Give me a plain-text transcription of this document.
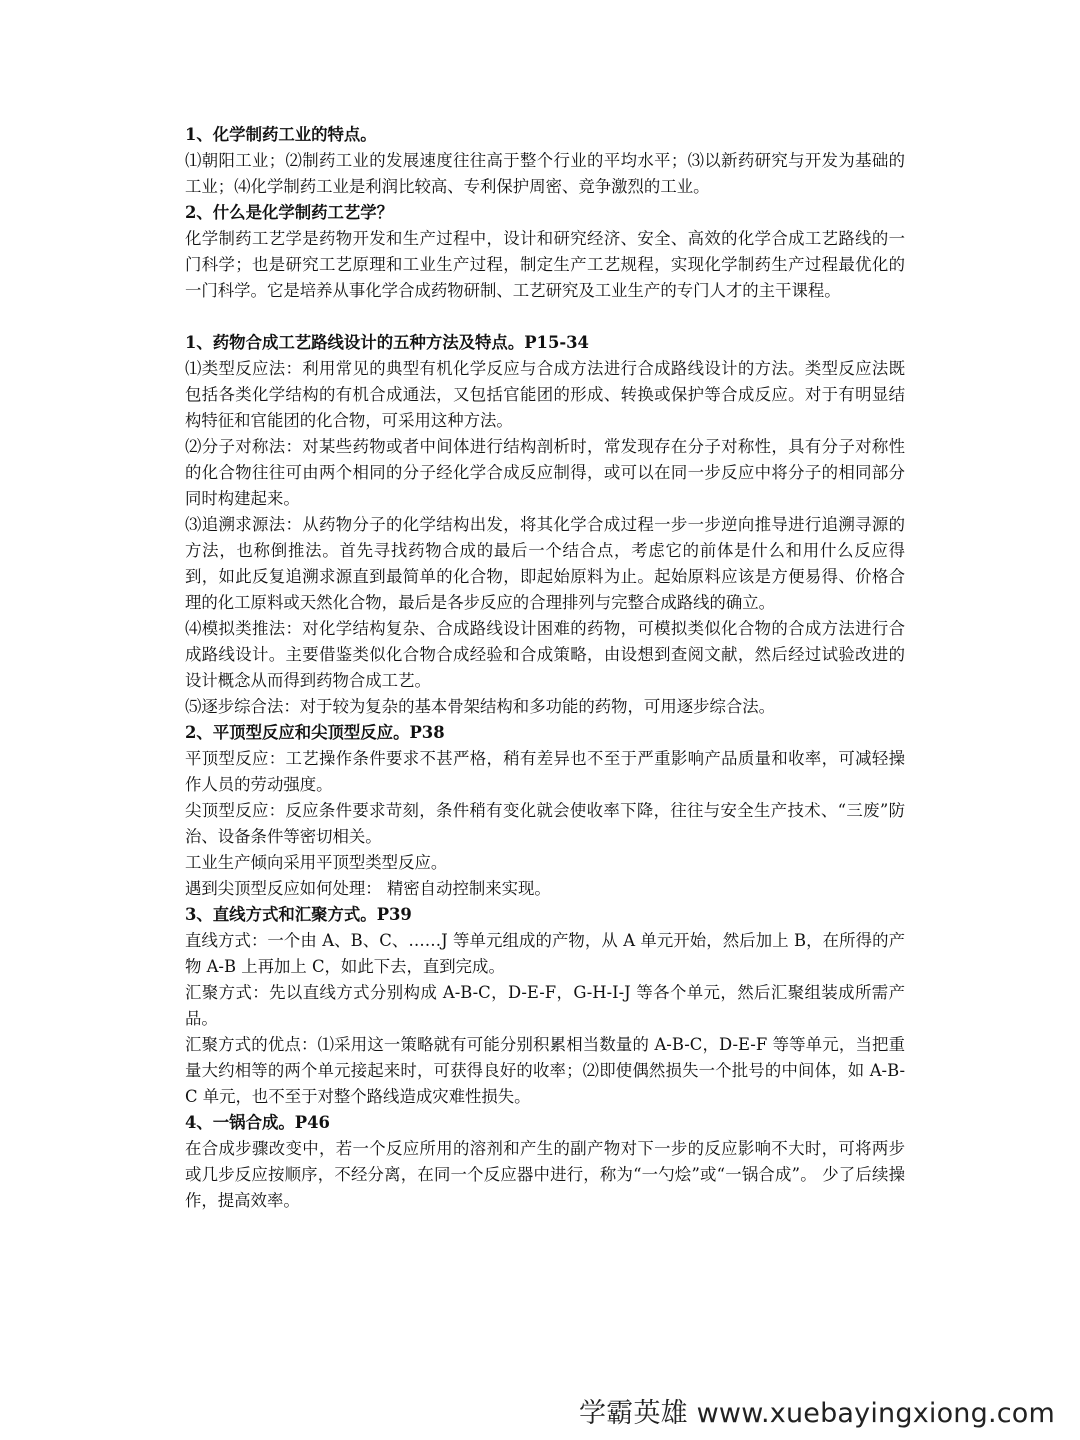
1、化学制药工业的特点。

⑴朝阳工业；⑵制药工业的发展速度往往高于整个行业的平均水平；⑶以新药研究与开发为基础的工业；⑷化学制药工业是利润比较高、专利保护周密、竞争激烈的工业。

2、什么是化学制药工艺学？

化学制药工艺学是药物开发和生产过程中，设计和研究经济、安全、高效的化学合成工艺路线的一门科学；也是研究工艺原理和工业生产过程，制定生产工艺规程，实现化学制药生产过程最优化的一门科学。它是培养从事化学合成药物研制、工艺研究及工业生产的专门人才的主干课程。

1、药物合成工艺路线设计的五种方法及特点。P15-34

⑴类型反应法：利用常见的典型有机化学反应与合成方法进行合成路线设计的方法。类型反应法既包括各类化学结构的有机合成通法，又包括官能团的形成、转换或保护等合成反应。对于有明显结构特征和官能团的化合物，可采用这种方法。

⑵分子对称法：对某些药物或者中间体进行结构剖析时，常发现存在分子对称性，具有分子对称性的化合物往往可由两个相同的分子经化学合成反应制得，或可以在同一步反应中将分子的相同部分同时构建起来。

⑶追溯求源法：从药物分子的化学结构出发，将其化学合成过程一步一步逆向推导进行追溯寻源的方法，也称倒推法。首先寻找药物合成的最后一个结合点，考虑它的前体是什么和用什么反应得到，如此反复追溯求源直到最简单的化合物，即起始原料为止。起始原料应该是方便易得、价格合理的化工原料或天然化合物，最后是各步反应的合理排列与完整合成路线的确立。

⑷模拟类推法：对化学结构复杂、合成路线设计困难的药物，可模拟类似化合物的合成方法进行合成路线设计。主要借鉴类似化合物合成经验和合成策略，由设想到查阅文献，然后经过试验改进的设计概念从而得到药物合成工艺。

⑸逐步综合法：对于较为复杂的基本骨架结构和多功能的药物，可用逐步综合法。

2、平顶型反应和尖顶型反应。P38

平顶型反应：工艺操作条件要求不甚严格，稍有差异也不至于严重影响产品质量和收率，可减轻操作人员的劳动强度。

尖顶型反应：反应条件要求苛刻，条件稍有变化就会使收率下降，往往与安全生产技术、“三废”防治、设备条件等密切相关。

工业生产倾向采用平顶型类型反应。

遇到尖顶型反应如何处理： 精密自动控制来实现。

3、直线方式和汇聚方式。P39

直线方式：一个由 A、B、C、……J 等单元组成的产物，从 A 单元开始，然后加上 B，在所得的产物 A-B 上再加上 C，如此下去，直到完成。

汇聚方式：先以直线方式分别构成 A-B-C，D-E-F，G-H-I-J 等各个单元，然后汇聚组装成所需产品。

汇聚方式的优点：⑴采用这一策略就有可能分别积累相当数量的 A-B-C，D-E-F 等等单元，当把重量大约相等的两个单元接起来时，可获得良好的收率；⑵即使偶然损失一个批号的中间体，如 A-B-C 单元，也不至于对整个路线造成灾难性损失。

4、一锅合成。P46

在合成步骤改变中，若一个反应所用的溶剂和产生的副产物对下一步的反应影响不大时，可将两步或几步反应按顺序，不经分离，在同一个反应器中进行，称为“一勺烩”或“一锅合成”。 少了后续操作，提高效率。

学霸英雄 www.xuebayingxiong.com
